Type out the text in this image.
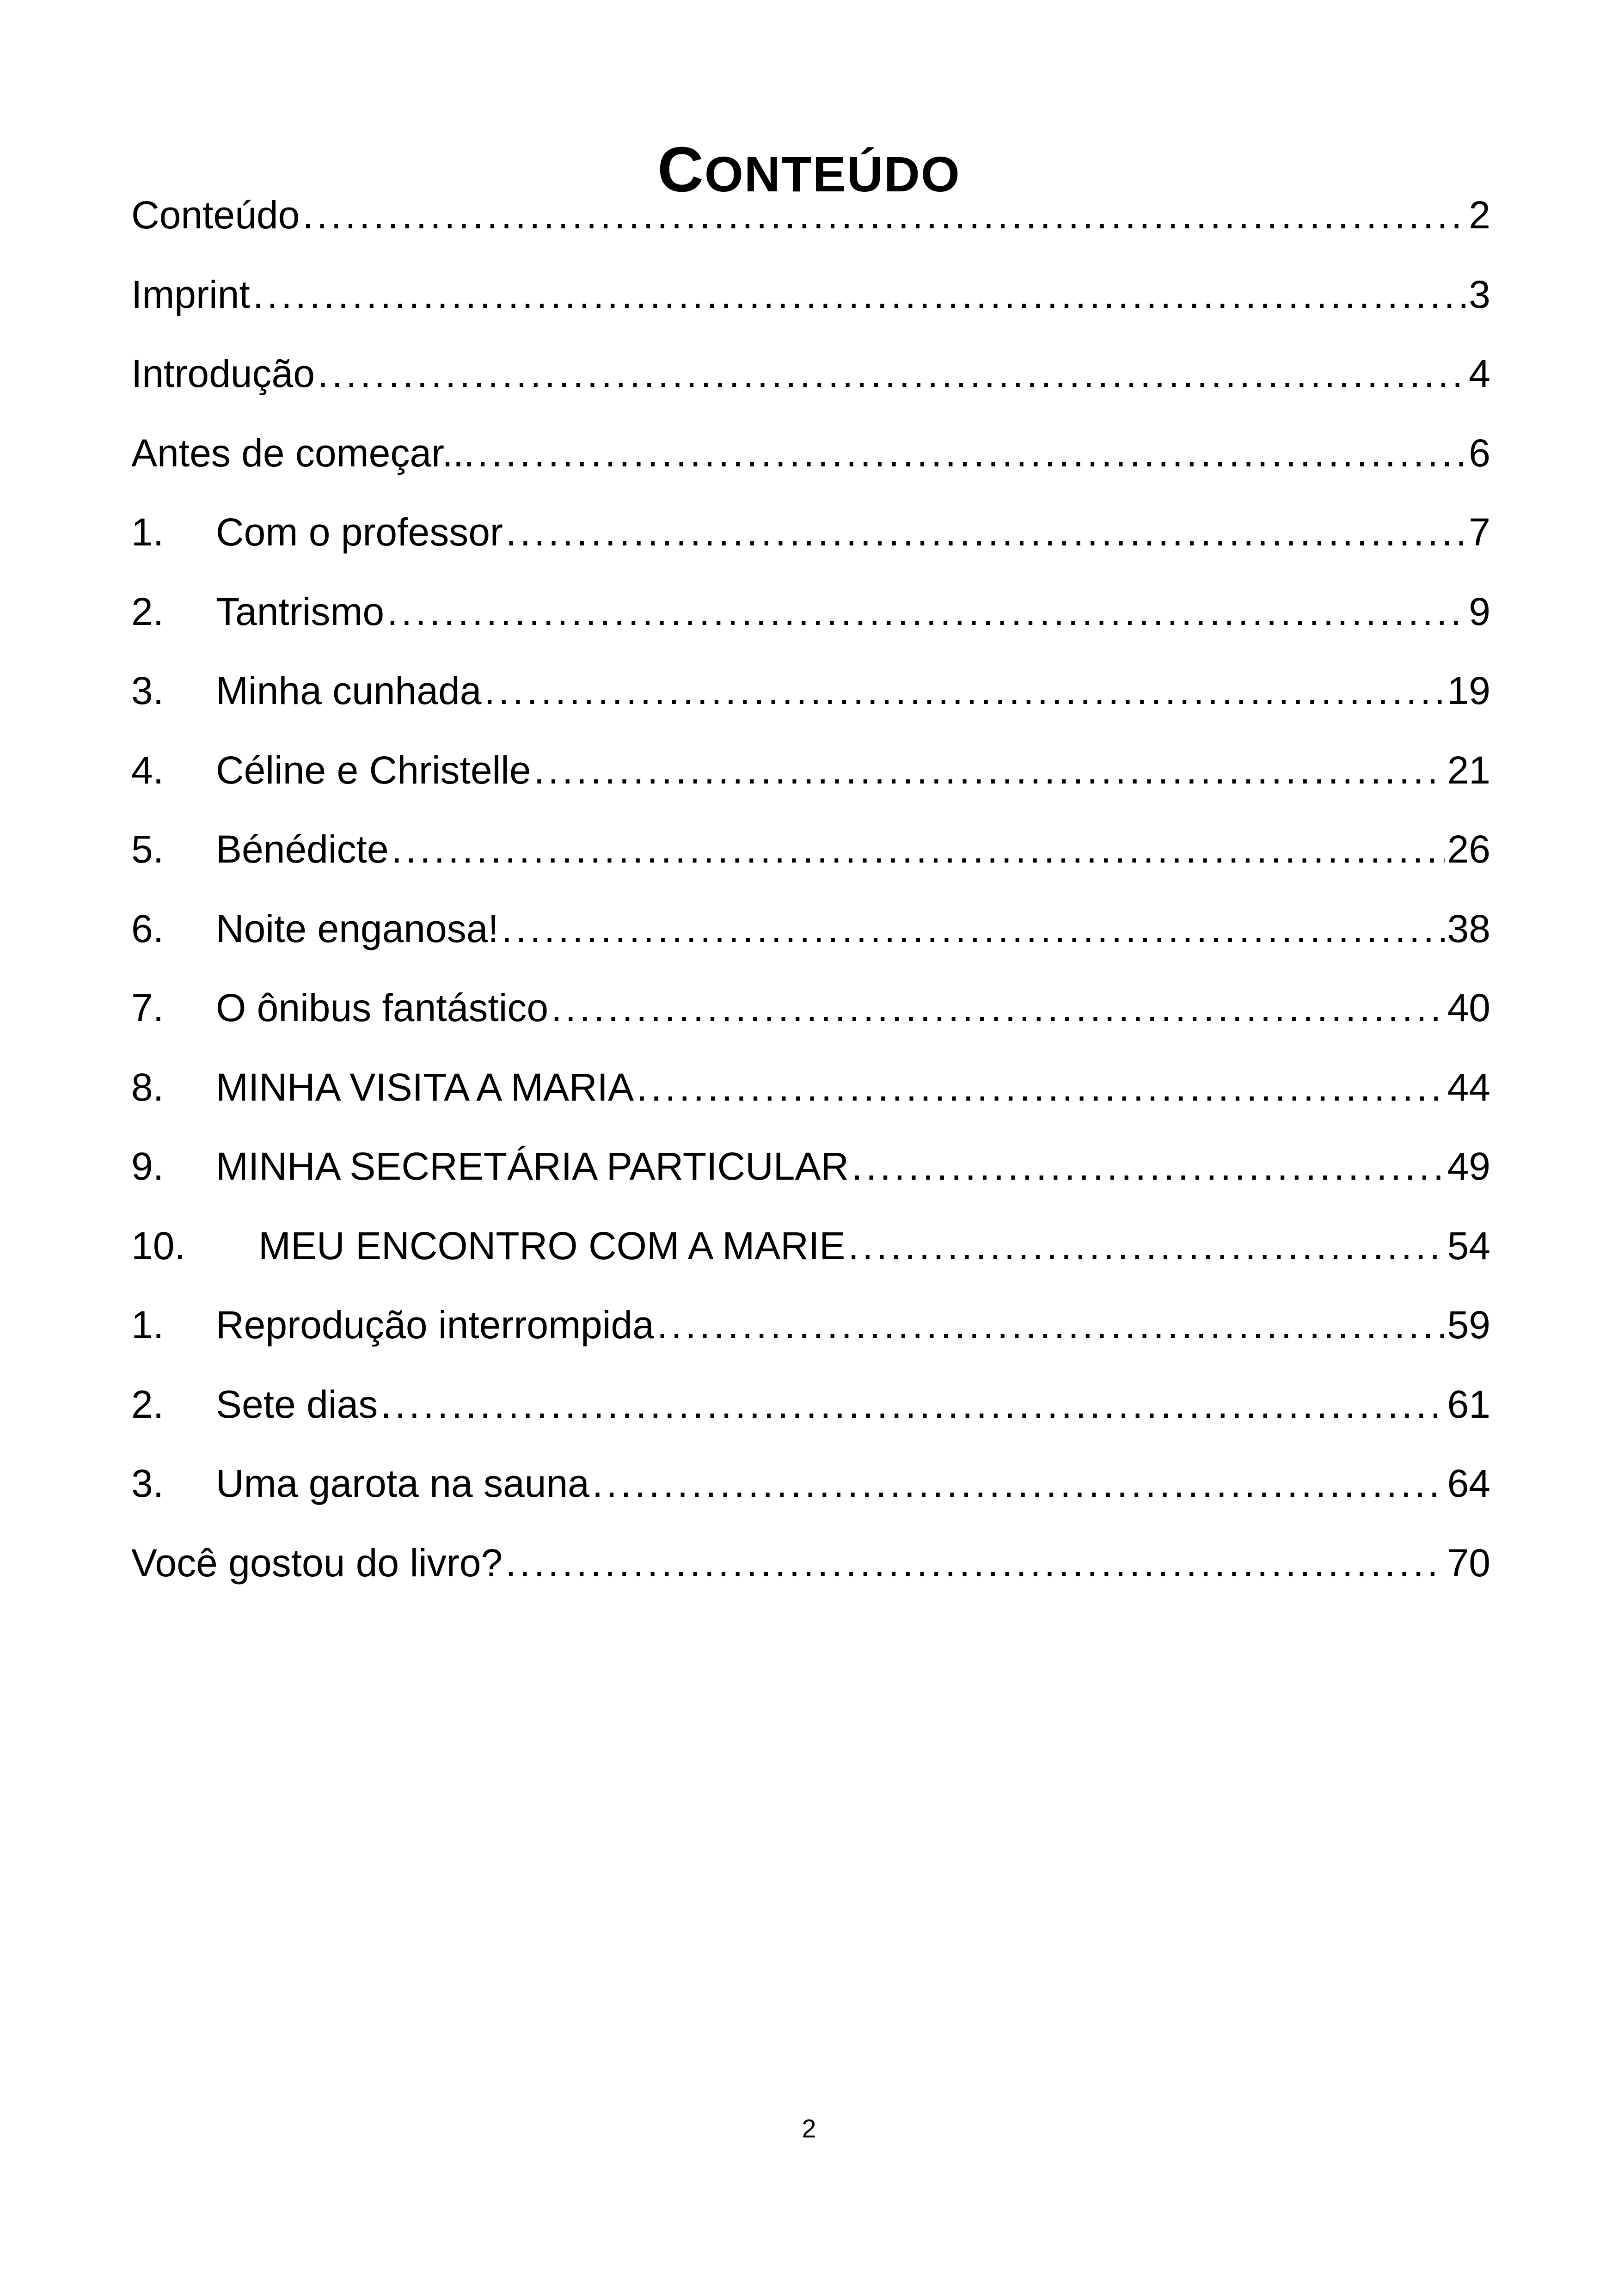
CONTEÚDO
Conteúdo . . .	2
Imprint . . .	3
Introdução . . .	4
Antes de começar... . . .	6
1.	Com o professor . . .	7
2.	Tantrismo . . .	9
3.	Minha cunhada . . .	19
4.	Céline e Christelle . . .	21
5.	Bénédicte . . .	26
6.	Noite enganosa! . . .	38
7.	O ônibus fantástico . . .	40
8.	MINHA VISITA A MARIA . . .	44
9.	MINHA SECRETÁRIA PARTICULAR . . .	49
10.	MEU ENCONTRO COM A MARIE . . .	54
1.	Reprodução interrompida . . .	59
2.	Sete dias . . .	61
3.	Uma garota na sauna . . .	64
Você gostou do livro? . . .	70
2
